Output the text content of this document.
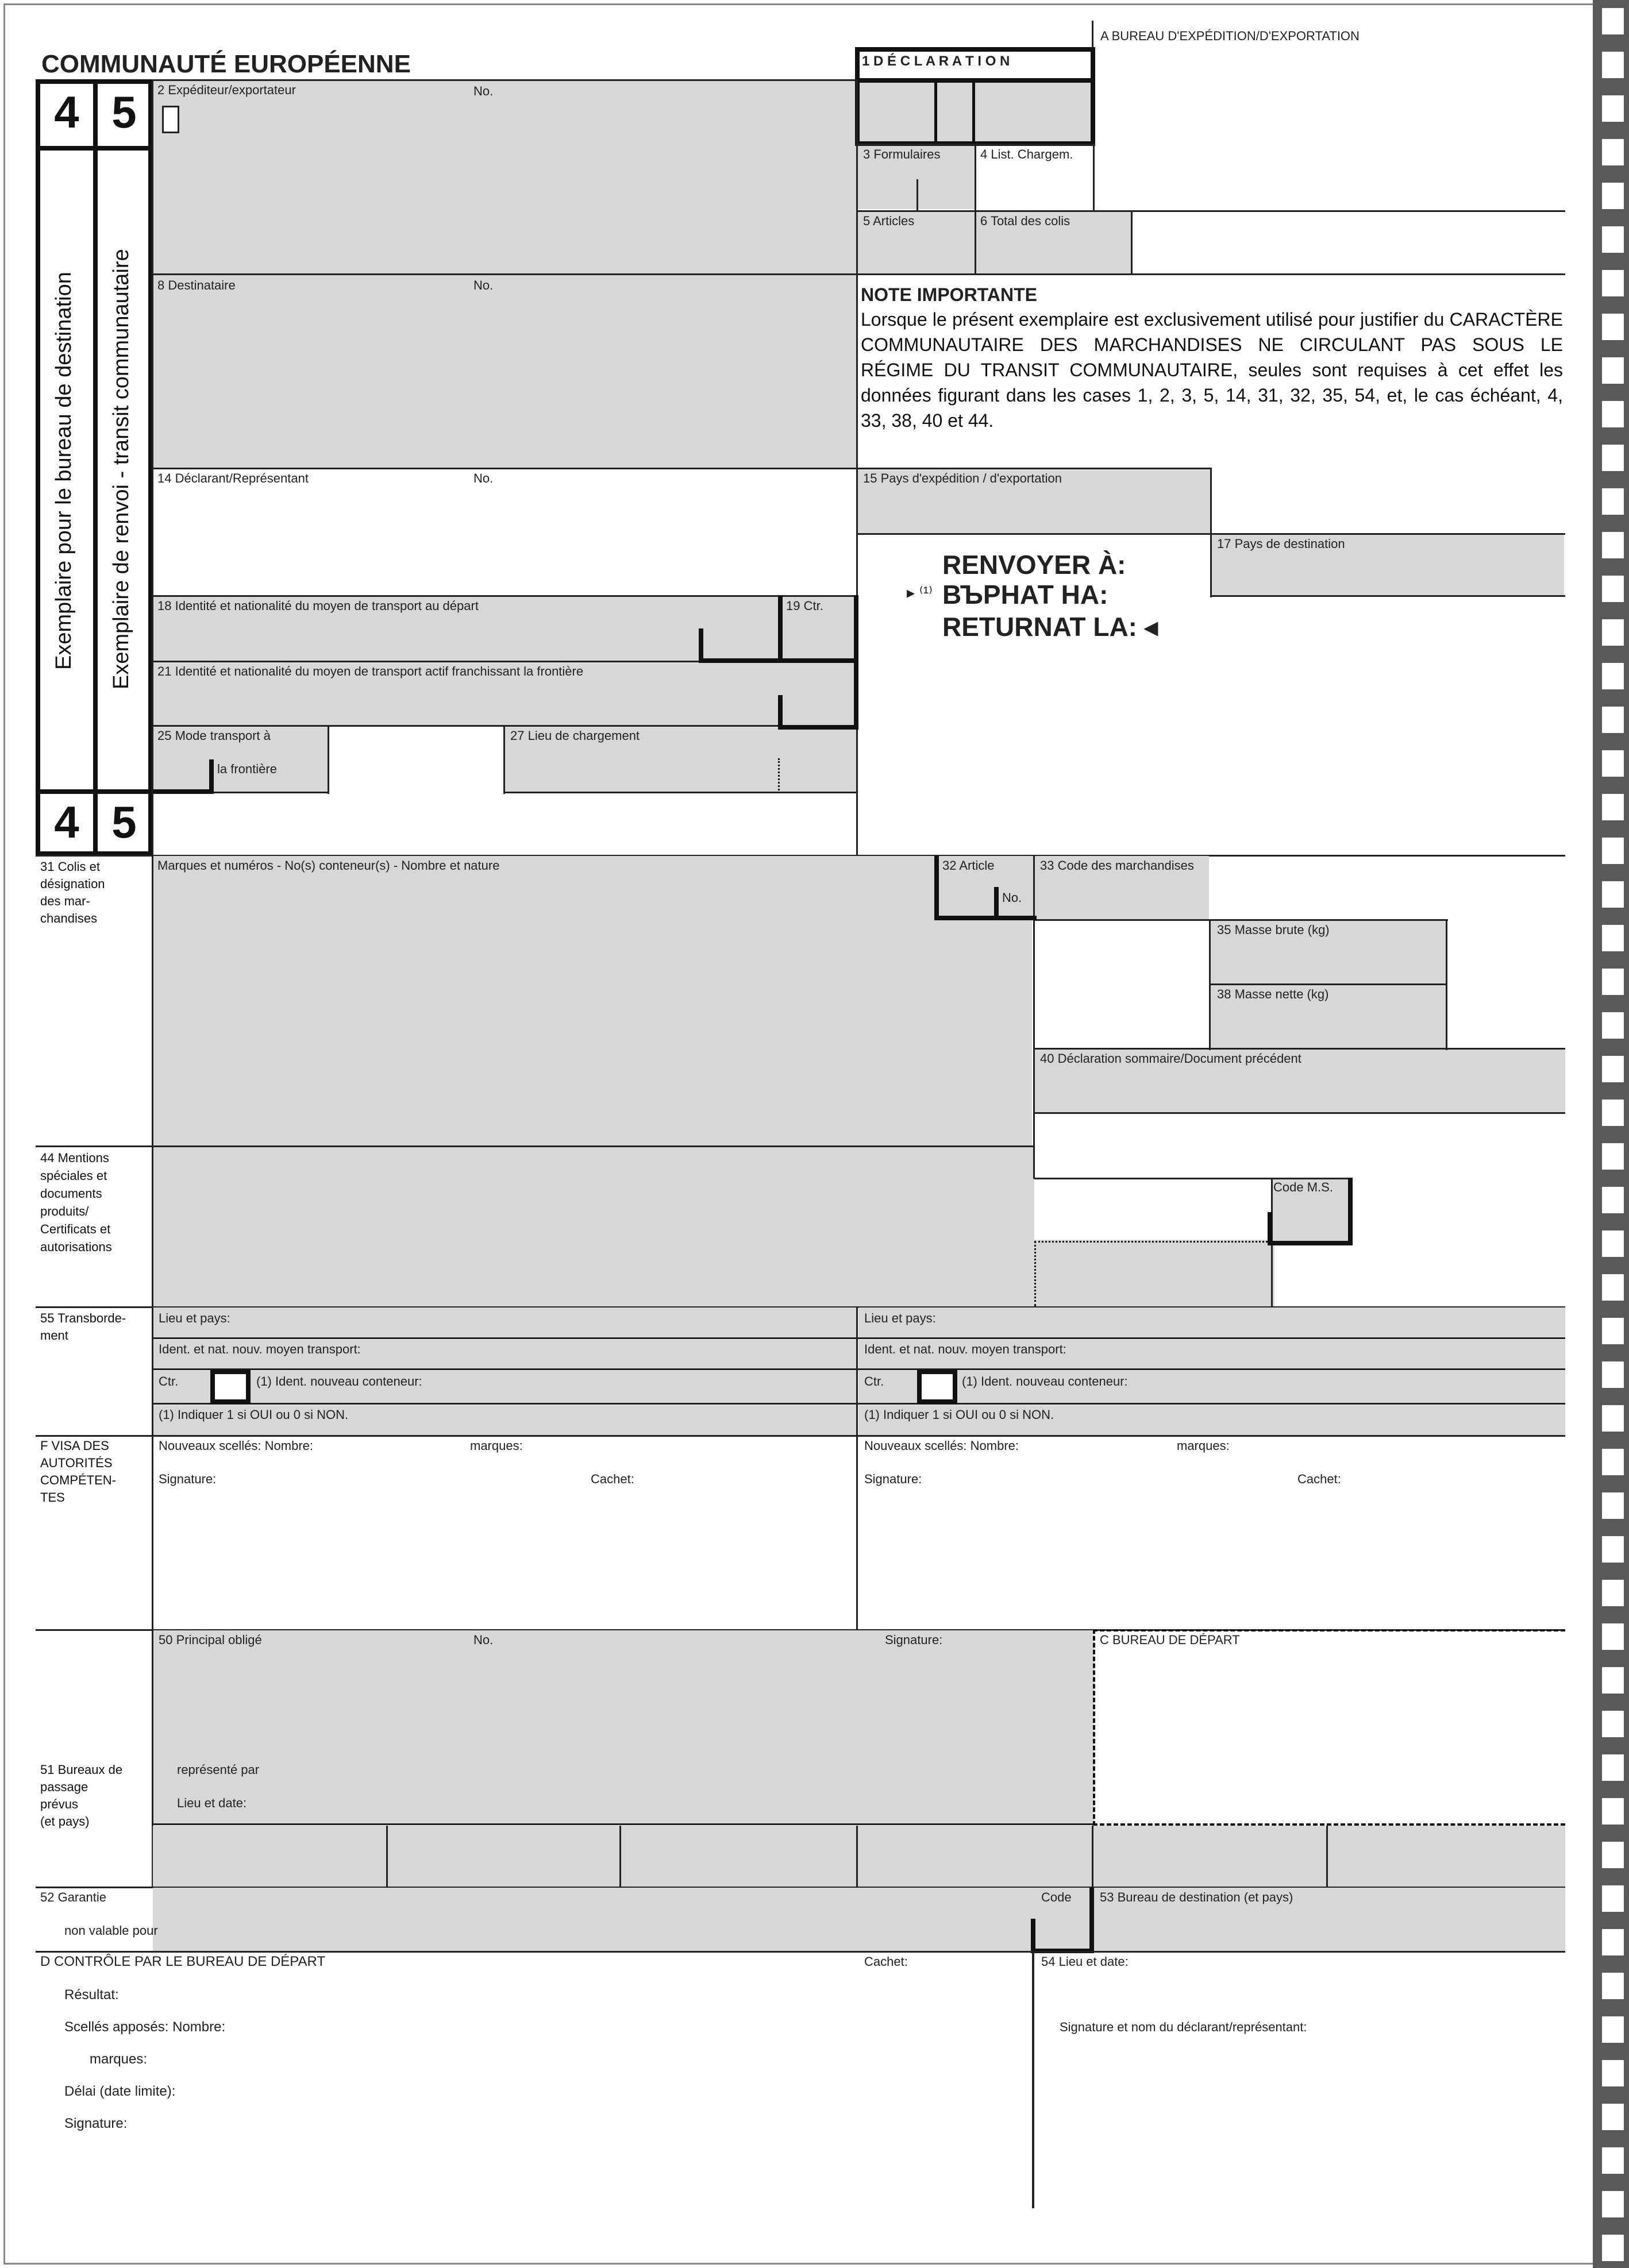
COMMUNAUTÉ EUROPÉENNE
A BUREAU D'EXPÉDITION/D'EXPORTATION
4 5
4 5
Exemplaire pour le bureau de destination Exemplaire de renvoi - transit communautaire
1 D É C L A R A T I O N
2 Expéditeur/exportateur	No.
3 Formulaires	4 List. Chargem.
5 Articles	6 Total des colis
8 Destinataire	No.	NOTE IMPORTANTE
Lorsque le présent exemplaire est exclusivement utilisé pour justifier du CARACTÈRE COMMUNAUTAIRE DES MARCHANDISES NE CIRCULANT PAS SOUS LE RÉGIME DU TRANSIT COMMUNAUTAIRE, seules sont requises à cet effet les données figurant dans les cases 1, 2, 3, 5, 14, 31, 32, 35, 54, et, le cas échéant, 4, 33, 38, 40 et 44.
14 Déclarant/Représentant	No.	15 Pays d'expédition / d'exportation
17 Pays de destination
RENVOYER À:
▸ ⁽¹⁾ ВЪРНАТ НА:
RETURNAT LA: ◂
18 Identité et nationalité du moyen de transport au départ	19 Ctr.
21 Identité et nationalité du moyen de transport actif franchissant la frontière
25 Mode transport à
la frontière
27 Lieu de chargement
31 Colis et
désignation
des mar-
chandises
Marques et numéros - No(s) conteneur(s) - Nombre et nature	32 Article
No.
33 Code des marchandises
35 Masse brute (kg)
38 Masse nette (kg)
40 Déclaration sommaire/Document précédent
44 Mentions
spéciales et
documents
produits/
Certificats et
autorisations
Code M.S.
55 Transborde-
ment
Lieu et pays:
Ident. et nat. nouv. moyen transport:
Ctr.	(1) Ident. nouveau conteneur:
(1) Indiquer 1 si OUI ou 0 si NON.
Lieu et pays:
Ident. et nat. nouv. moyen transport:
Ctr.	(1) Ident. nouveau conteneur:
(1) Indiquer 1 si OUI ou 0 si NON.
F VISA DES
AUTORITÉS
COMPÉTEN-
TES
Nouveaux scellés: Nombre:	marques:
Signature:	Cachet:
Nouveaux scellés: Nombre:	marques:
Signature:	Cachet:
50 Principal obligé	No.	Signature:	C BUREAU DE DÉPART
représenté par
Lieu et date:
51 Bureaux de
passage
prévus
(et pays)
52 Garantie
non valable pour
Code 53 Bureau de destination (et pays)
D CONTRÔLE PAR LE BUREAU DE DÉPART	Cachet:	54 Lieu et date:
Résultat:
Scellés apposés: Nombre:
marques:
Délai (date limite):
Signature:
Signature et nom du déclarant/représentant:
